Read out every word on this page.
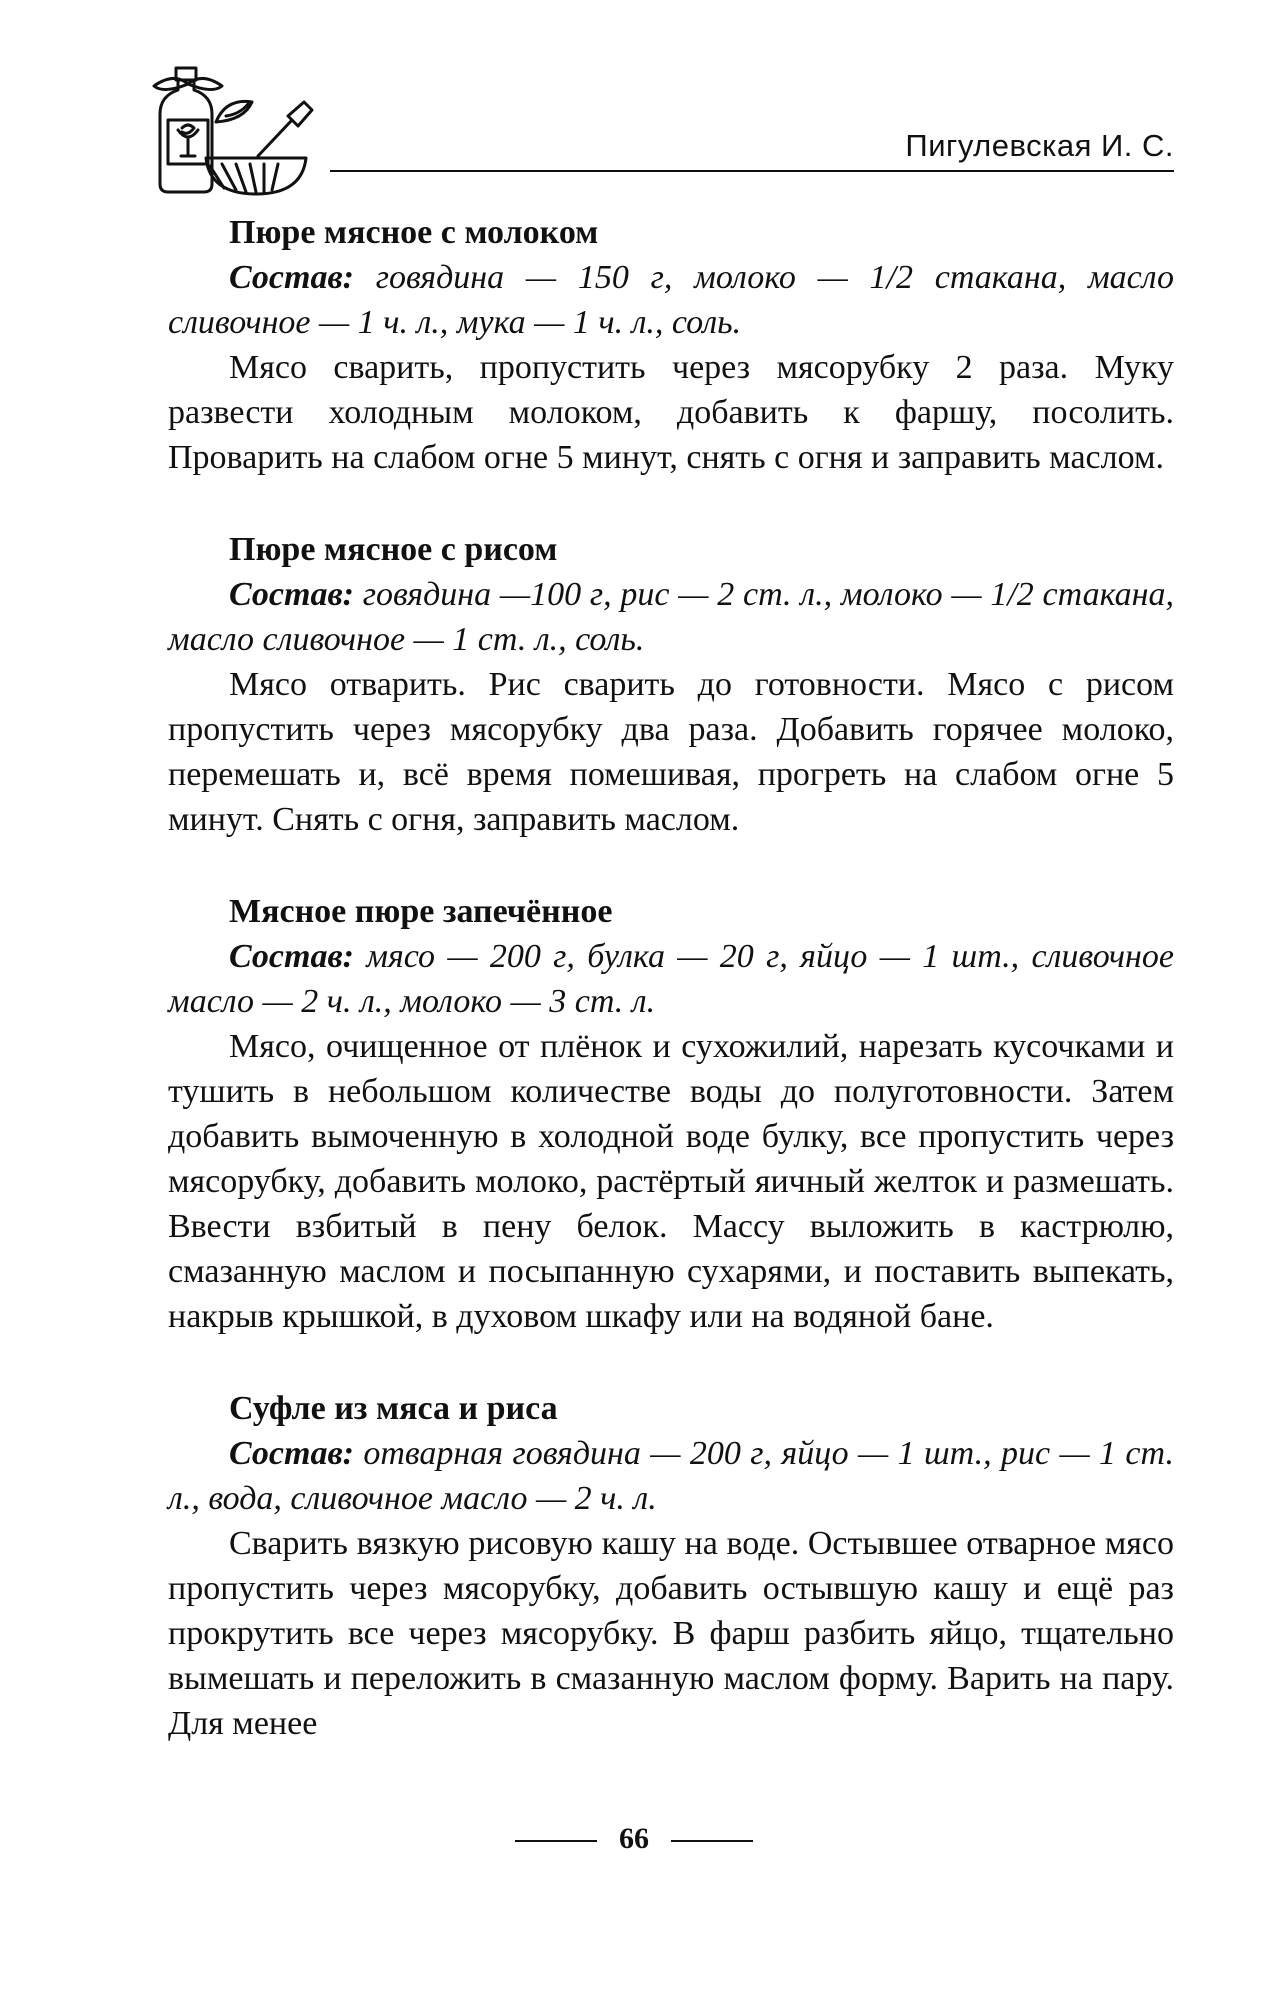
Пигулевская И. С.

Пюре мясное с молоком

Состав: говядина — 150 г, молоко — 1/2 стакана, масло сливочное — 1 ч. л., мука — 1 ч. л., соль.

Мясо сварить, пропустить через мясорубку 2 раза. Муку развести холодным молоком, добавить к фаршу, посолить. Проварить на слабом огне 5 минут, снять с огня и заправить маслом.

Пюре мясное с рисом

Состав: говядина —100 г, рис — 2 ст. л., молоко — 1/2 стакана, масло сливочное — 1 ст. л., соль.

Мясо отварить. Рис сварить до готовности. Мясо с рисом пропустить через мясорубку два раза. Добавить горячее молоко, перемешать и, всё время помешивая, прогреть на слабом огне 5 минут. Снять с огня, заправить маслом.

Мясное пюре запечённое

Состав: мясо — 200 г, булка — 20 г, яйцо — 1 шт., сливочное масло — 2 ч. л., молоко — 3 ст. л.

Мясо, очищенное от плёнок и сухожилий, нарезать кусочками и тушить в небольшом количестве воды до полуготовности. Затем добавить вымоченную в холодной воде булку, все пропустить через мясорубку, добавить молоко, растёртый яичный желток и размешать. Ввести взбитый в пену белок. Массу выложить в кастрюлю, смазанную маслом и посыпанную сухарями, и поставить выпекать, накрыв крышкой, в духовом шкафу или на водяной бане.

Суфле из мяса и риса

Состав: отварная говядина — 200 г, яйцо — 1 шт., рис — 1 ст. л., вода, сливочное масло — 2 ч. л.

Сварить вязкую рисовую кашу на воде. Остывшее отварное мясо пропустить через мясорубку, добавить остывшую кашу и ещё раз прокрутить все через мясорубку. В фарш разбить яйцо, тщательно вымешать и переложить в смазанную маслом форму. Варить на пару. Для менее

66
